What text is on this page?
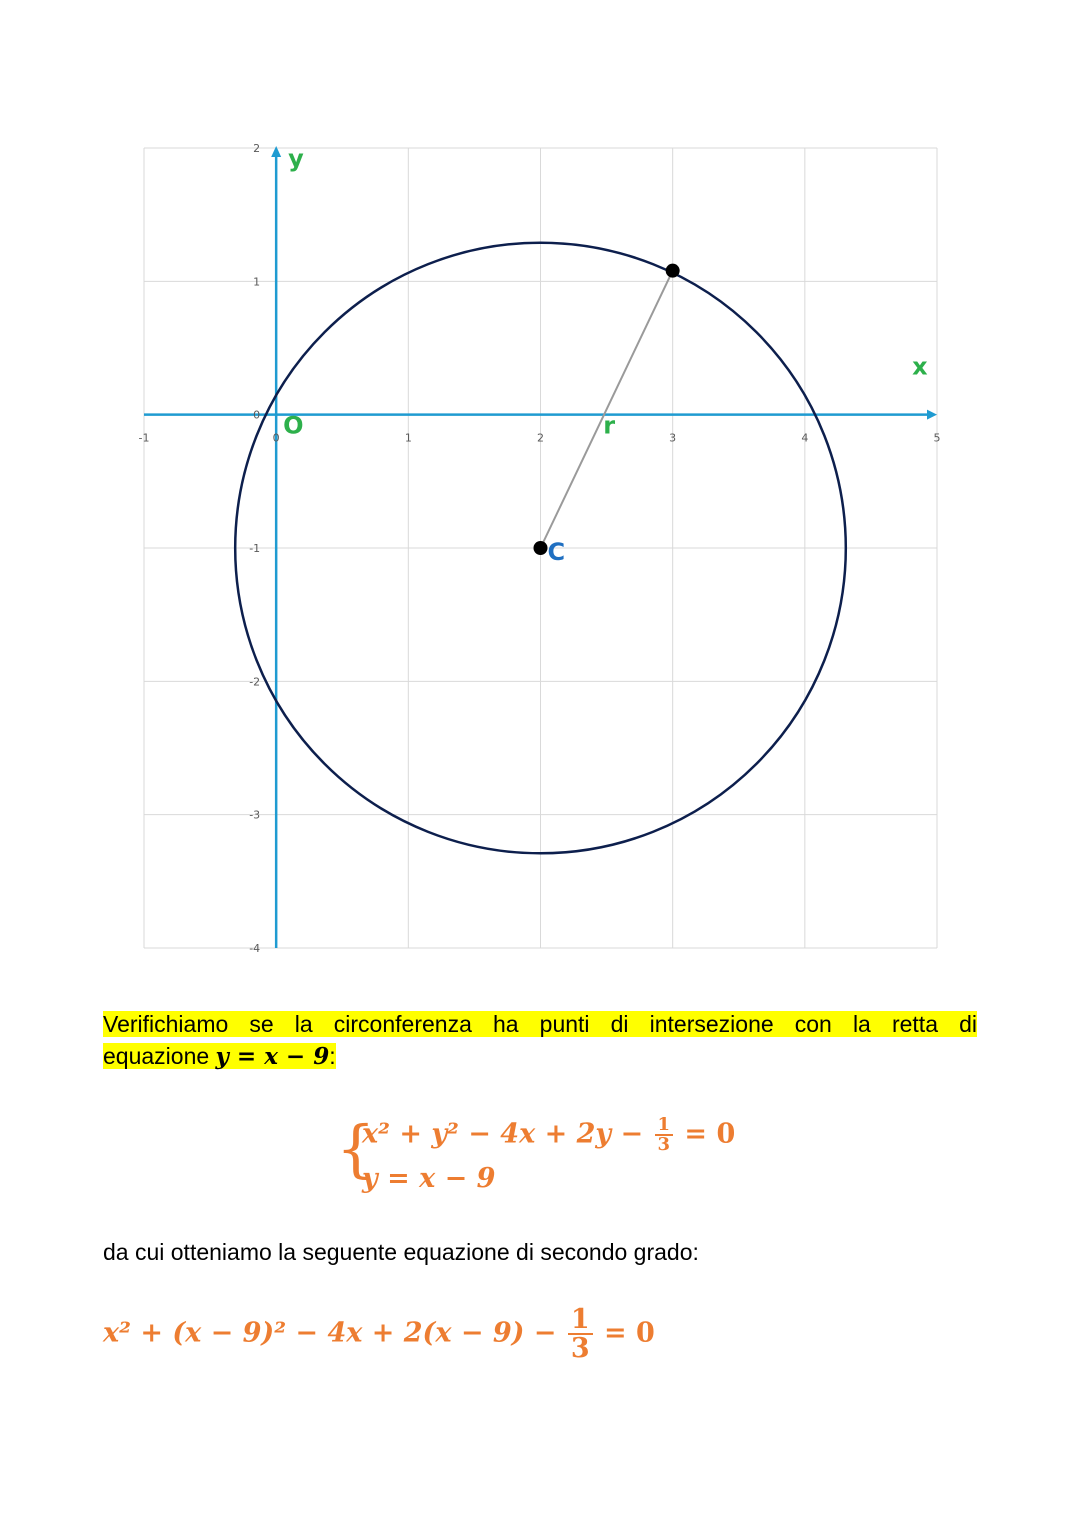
-1	0	1	2	3	4	5
2
1
0
-1
-2
-3
-4
x
y
O
C
r
Verifichiamo se la circonferenza ha punti di intersezione con la retta di
equazione y = x − 9:
{
$x^2 + y^2 - 4x + 2y - \frac{1}{3} = 0$
y = x − 9
da cui otteniamo la seguente equazione di secondo grado:
$x^2 + (x - 9)^2 - 4x + 2(x - 9) - \frac{1}{3} = 0$
